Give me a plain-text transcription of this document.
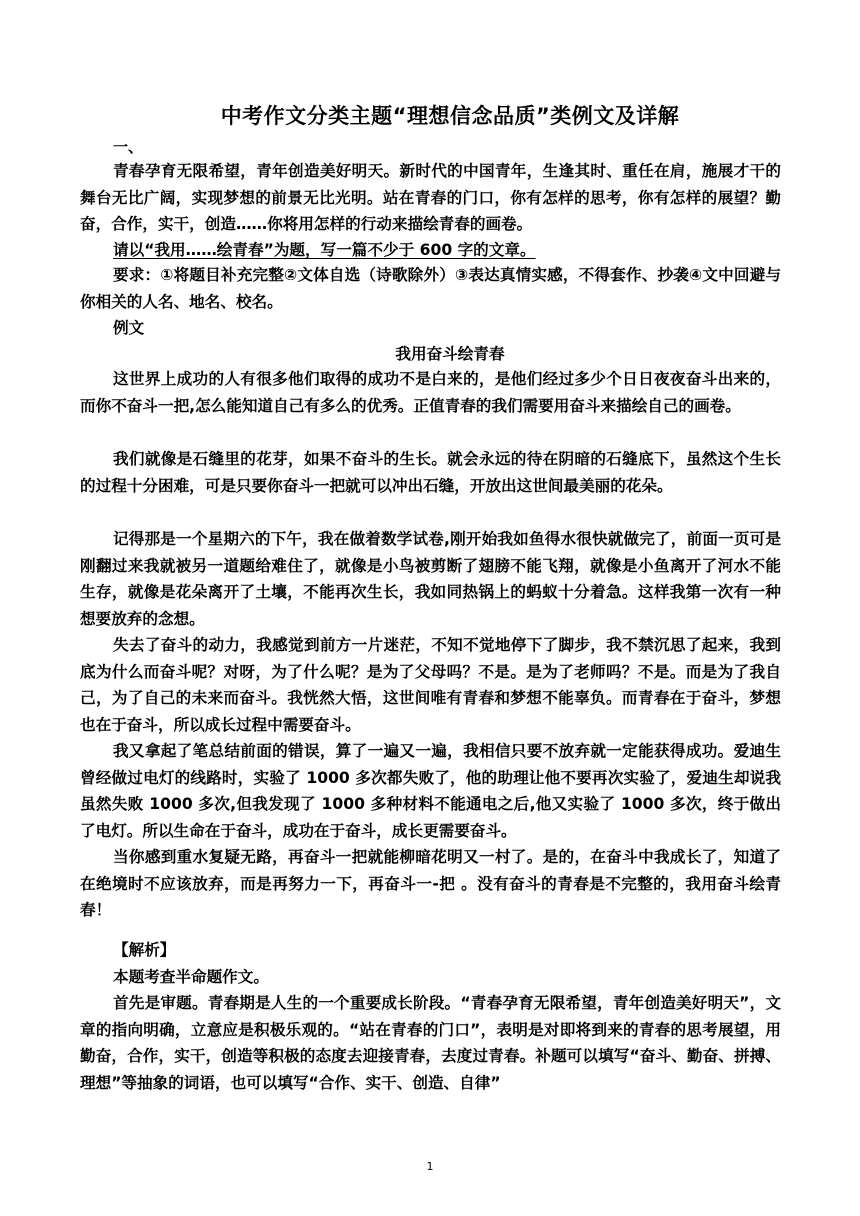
中考作文分类主题“理想信念品质”类例文及详解
一、

青春孕育无限希望，青年创造美好明天。新时代的中国青年，生逢其时、重任在肩，施展才干的舞台无比广阔，实现梦想的前景无比光明。站在青春的门口，你有怎样的思考，你有怎样的展望？勤奋，合作，实干，创造……你将用怎样的行动来描绘青春的画卷。

请以“我用……绘青春”为题，写一篇不少于 600 字的文章。

要求：①将题目补充完整②文体自选（诗歌除外）③表达真情实感，不得套作、抄袭④文中回避与你相关的人名、地名、校名。

例文
我用奋斗绘青春

这世界上成功的人有很多他们取得的成功不是白来的，是他们经过多少个日日夜夜奋斗出来的，而你不奋斗一把,怎么能知道自己有多么的优秀。正值青春的我们需要用奋斗来描绘自己的画卷。

我们就像是石缝里的花芽，如果不奋斗的生长。就会永远的待在阴暗的石缝底下，虽然这个生长的过程十分困难，可是只要你奋斗一把就可以冲出石缝，开放出这世间最美丽的花朵。

记得那是一个星期六的下午，我在做着数学试卷,刚开始我如鱼得水很快就做完了，前面一页可是刚翻过来我就被另一道题给难住了，就像是小鸟被剪断了翅膀不能飞翔，就像是小鱼离开了河水不能生存，就像是花朵离开了土壤，不能再次生长，我如同热锅上的蚂蚁十分着急。这样我第一次有一种想要放弃的念想。

失去了奋斗的动力，我感觉到前方一片迷茫，不知不觉地停下了脚步，我不禁沉思了起来，我到底为什么而奋斗呢？对呀，为了什么呢？是为了父母吗？不是。是为了老师吗？不是。而是为了我自己，为了自己的未来而奋斗。我恍然大悟，这世间唯有青春和梦想不能辜负。而青春在于奋斗，梦想也在于奋斗，所以成长过程中需要奋斗。

我又拿起了笔总结前面的错误，算了一遍又一遍，我相信只要不放弃就一定能获得成功。爱迪生曾经做过电灯的线路时，实验了 1000 多次都失败了，他的助理让他不要再次实验了，爱迪生却说我虽然失败 1000 多次,但我发现了 1000 多种材料不能通电之后,他又实验了 1000 多次，终于做出了电灯。所以生命在于奋斗，成功在于奋斗，成长更需要奋斗。

当你感到重水复疑无路，再奋斗一把就能柳暗花明又一村了。是的，在奋斗中我成长了，知道了在绝境时不应该放弃，而是再努力一下，再奋斗一-把 。没有奋斗的青春是不完整的，我用奋斗绘青春！

【解析】

本题考查半命题作文。

首先是审题。青春期是人生的一个重要成长阶段。“青春孕育无限希望，青年创造美好明天”，文章的指向明确，立意应是积极乐观的。“站在青春的门口”，表明是对即将到来的青春的思考展望，用勤奋，合作，实干，创造等积极的态度去迎接青春，去度过青春。补题可以填写“奋斗、勤奋、拼搏、理想”等抽象的词语，也可以填写“合作、实干、创造、自律”

1
